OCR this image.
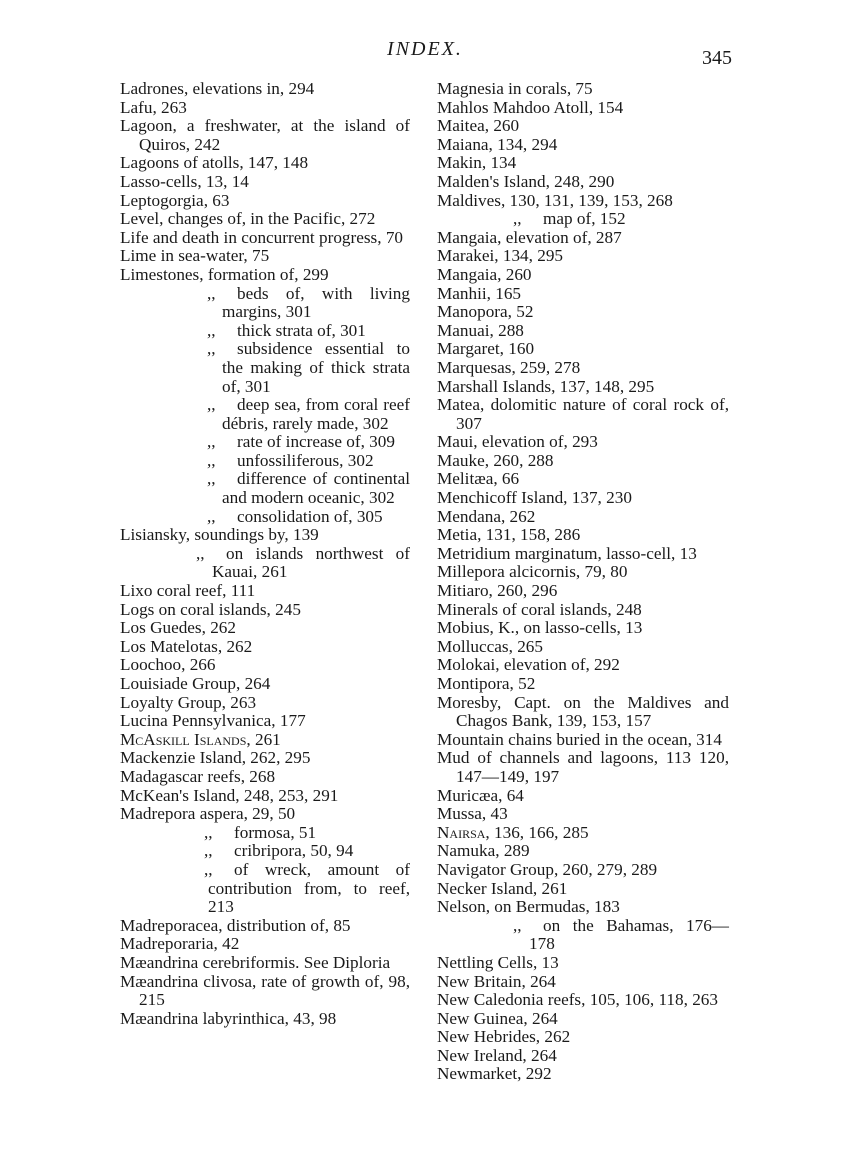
INDEX.	345
Ladrones, elevations in, 294
Lafu, 263
Lagoon, a freshwater, at the island of Quiros, 242
Lagoons of atolls, 147, 148
Lasso-cells, 13, 14
Leptogorgia, 63
Level, changes of, in the Pacific, 272
Life and death in concurrent progress, 70
Lime in sea-water, 75
Limestones, formation of, 299
,, beds of, with living margins, 301
,, thick strata of, 301
,, subsidence essential to the making of thick strata of, 301
,, deep sea, from coral reef débris, rarely made, 302
,, rate of increase of, 309
,, unfossiliferous, 302
,, difference of continental and modern oceanic, 302
,, consolidation of, 305
Lisiansky, soundings by, 139
,, on islands northwest of Kauai, 261
Lixo coral reef, 111
Logs on coral islands, 245
Los Guedes, 262
Los Matelotas, 262
Loochoo, 266
Louisiade Group, 264
Loyalty Group, 263
Lucina Pennsylvanica, 177
McAskill Islands, 261
Mackenzie Island, 262, 295
Madagascar reefs, 268
McKean's Island, 248, 253, 291
Madrepora aspera, 29, 50
,, formosa, 51
,, cribripora, 50, 94
,, of wreck, amount of contribution from, to reef, 213
Madreporacea, distribution of, 85
Madreporaria, 42
Mæandrina cerebriformis. See Diploria
Mæandrina clivosa, rate of growth of, 98, 215
Mæandrina labyrinthica, 43, 98
Magnesia in corals, 75
Mahlos Mahdoo Atoll, 154
Maitea, 260
Maiana, 134, 294
Makin, 134
Malden's Island, 248, 290
Maldives, 130, 131, 139, 153, 268
,, map of, 152
Mangaia, elevation of, 287
Marakei, 134, 295
Mangaia, 260
Manhii, 165
Manopora, 52
Manuai, 288
Margaret, 160
Marquesas, 259, 278
Marshall Islands, 137, 148, 295
Matea, dolomitic nature of coral rock of, 307
Maui, elevation of, 293
Mauke, 260, 288
Melitæa, 66
Menchicoff Island, 137, 230
Mendana, 262
Metia, 131, 158, 286
Metridium marginatum, lasso-cell, 13
Millepora alcicornis, 79, 80
Mitiaro, 260, 296
Minerals of coral islands, 248
Mobius, K., on lasso-cells, 13
Molluccas, 265
Molokai, elevation of, 292
Montipora, 52
Moresby, Capt. on the Maldives and Chagos Bank, 139, 153, 157
Mountain chains buried in the ocean, 314
Mud of channels and lagoons, 113 120, 147—149, 197
Muricæa, 64
Mussa, 43
Nairsa, 136, 166, 285
Namuka, 289
Navigator Group, 260, 279, 289
Necker Island, 261
Nelson, on Bermudas, 183
,, on the Bahamas, 176—178
Nettling Cells, 13
New Britain, 264
New Caledonia reefs, 105, 106, 118, 263
New Guinea, 264
New Hebrides, 262
New Ireland, 264
Newmarket, 292
